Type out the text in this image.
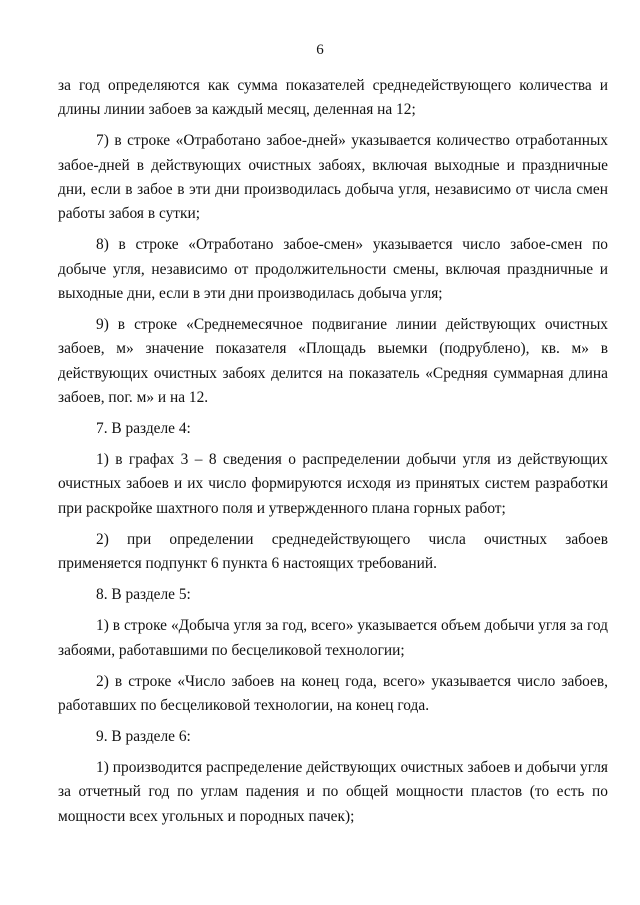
6

за год определяются как сумма показателей среднедействующего количества и длины линии забоев за каждый месяц, деленная на 12;

7) в строке «Отработано забое-дней» указывается количество отработанных забое-дней в действующих очистных забоях, включая выходные и праздничные дни, если в забое в эти дни производилась добыча угля, независимо от числа смен работы забоя в сутки;

8) в строке «Отработано забое-смен» указывается число забое-смен по добыче угля, независимо от продолжительности смены, включая праздничные и выходные дни, если в эти дни производилась добыча угля;

9) в строке «Среднемесячное подвигание линии действующих очистных забоев, м» значение показателя «Площадь выемки (подрублено), кв. м» в действующих очистных забоях делится на показатель «Средняя суммарная длина забоев, пог. м» и на 12.

7. В разделе 4:

1) в графах 3 – 8 сведения о распределении добычи угля из действующих очистных забоев и их число формируются исходя из принятых систем разработки при раскройке шахтного поля и утвержденного плана горных работ;

2) при определении среднедействующего числа очистных забоев применяется подпункт 6 пункта 6 настоящих требований.

8. В разделе 5:

1) в строке «Добыча угля за год, всего» указывается объем добычи угля за год забоями, работавшими по бесцеликовой технологии;

2) в строке «Число забоев на конец года, всего» указывается число забоев, работавших по бесцеликовой технологии, на конец года.

9. В разделе 6:

1) производится распределение действующих очистных забоев и добычи угля за отчетный год по углам падения и по общей мощности пластов (то есть по мощности всех угольных и породных пачек);
